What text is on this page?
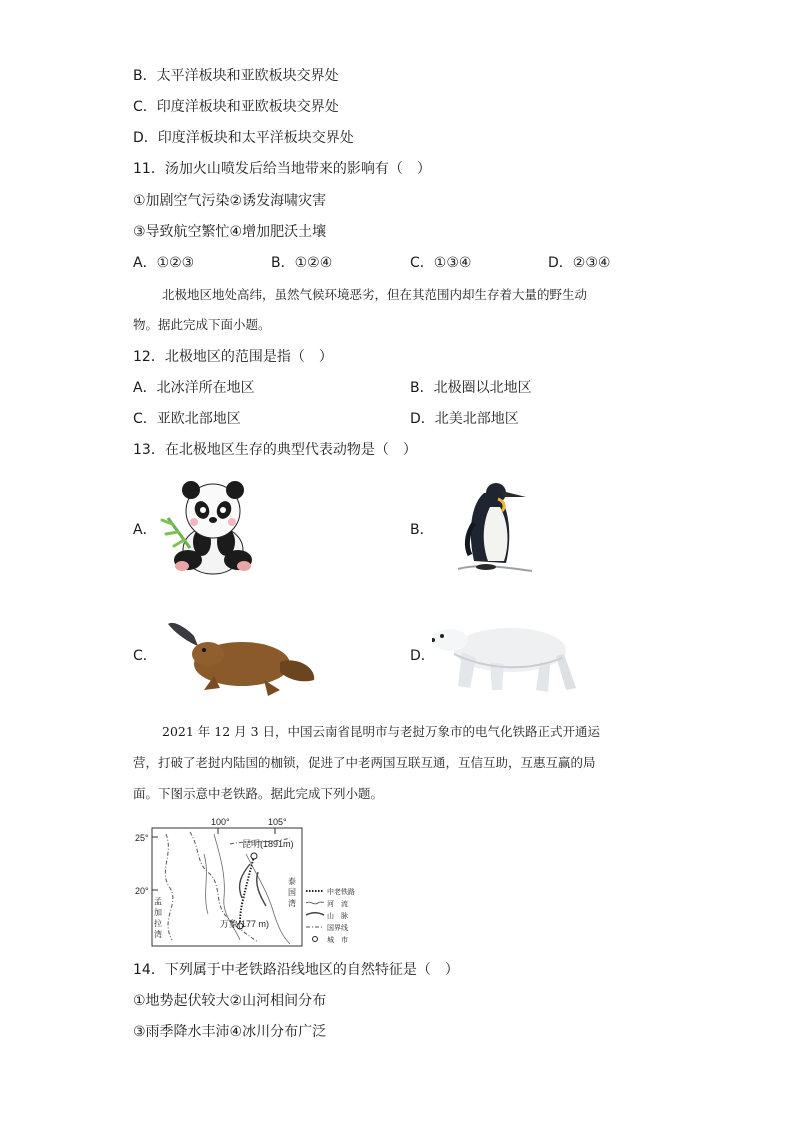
B．太平洋板块和亚欧板块交界处
C．印度洋板块和亚欧板块交界处
D．印度洋板块和太平洋板块交界处
11．汤加火山喷发后给当地带来的影响有（　）
①加剧空气污染②诱发海啸灾害
③导致航空繁忙④增加肥沃土壤
A．①②③	B．①②④	C．①③④	D．②③④
北极地区地处高纬，虽然气候环境恶劣，但在其范围内却生存着大量的野生动
物。据此完成下面小题。
12．北极地区的范围是指（　）
A．北冰洋所在地区	B．北极圈以北地区
C．亚欧北部地区	D．北美北部地区
13．在北极地区生存的典型代表动物是（　）
A．	B．
C．	D．
2021 年 12 月 3 日，中国云南省昆明市与老挝万象市的电气化铁路正式开通运
营，打破了老挝内陆国的枷锁，促进了中老两国互联互通，互信互助，互惠互赢的局
面。下图示意中老铁路。据此完成下列小题。
100°	105°
25°
20°
昆明(1891m)
万象(177 m)
泰
国
湾
孟
加
拉
湾
中老铁路
河　流
山　脉
国界线
城　市
14．下列属于中老铁路沿线地区的自然特征是（　）
①地势起伏较大②山河相间分布
③雨季降水丰沛④冰川分布广泛
